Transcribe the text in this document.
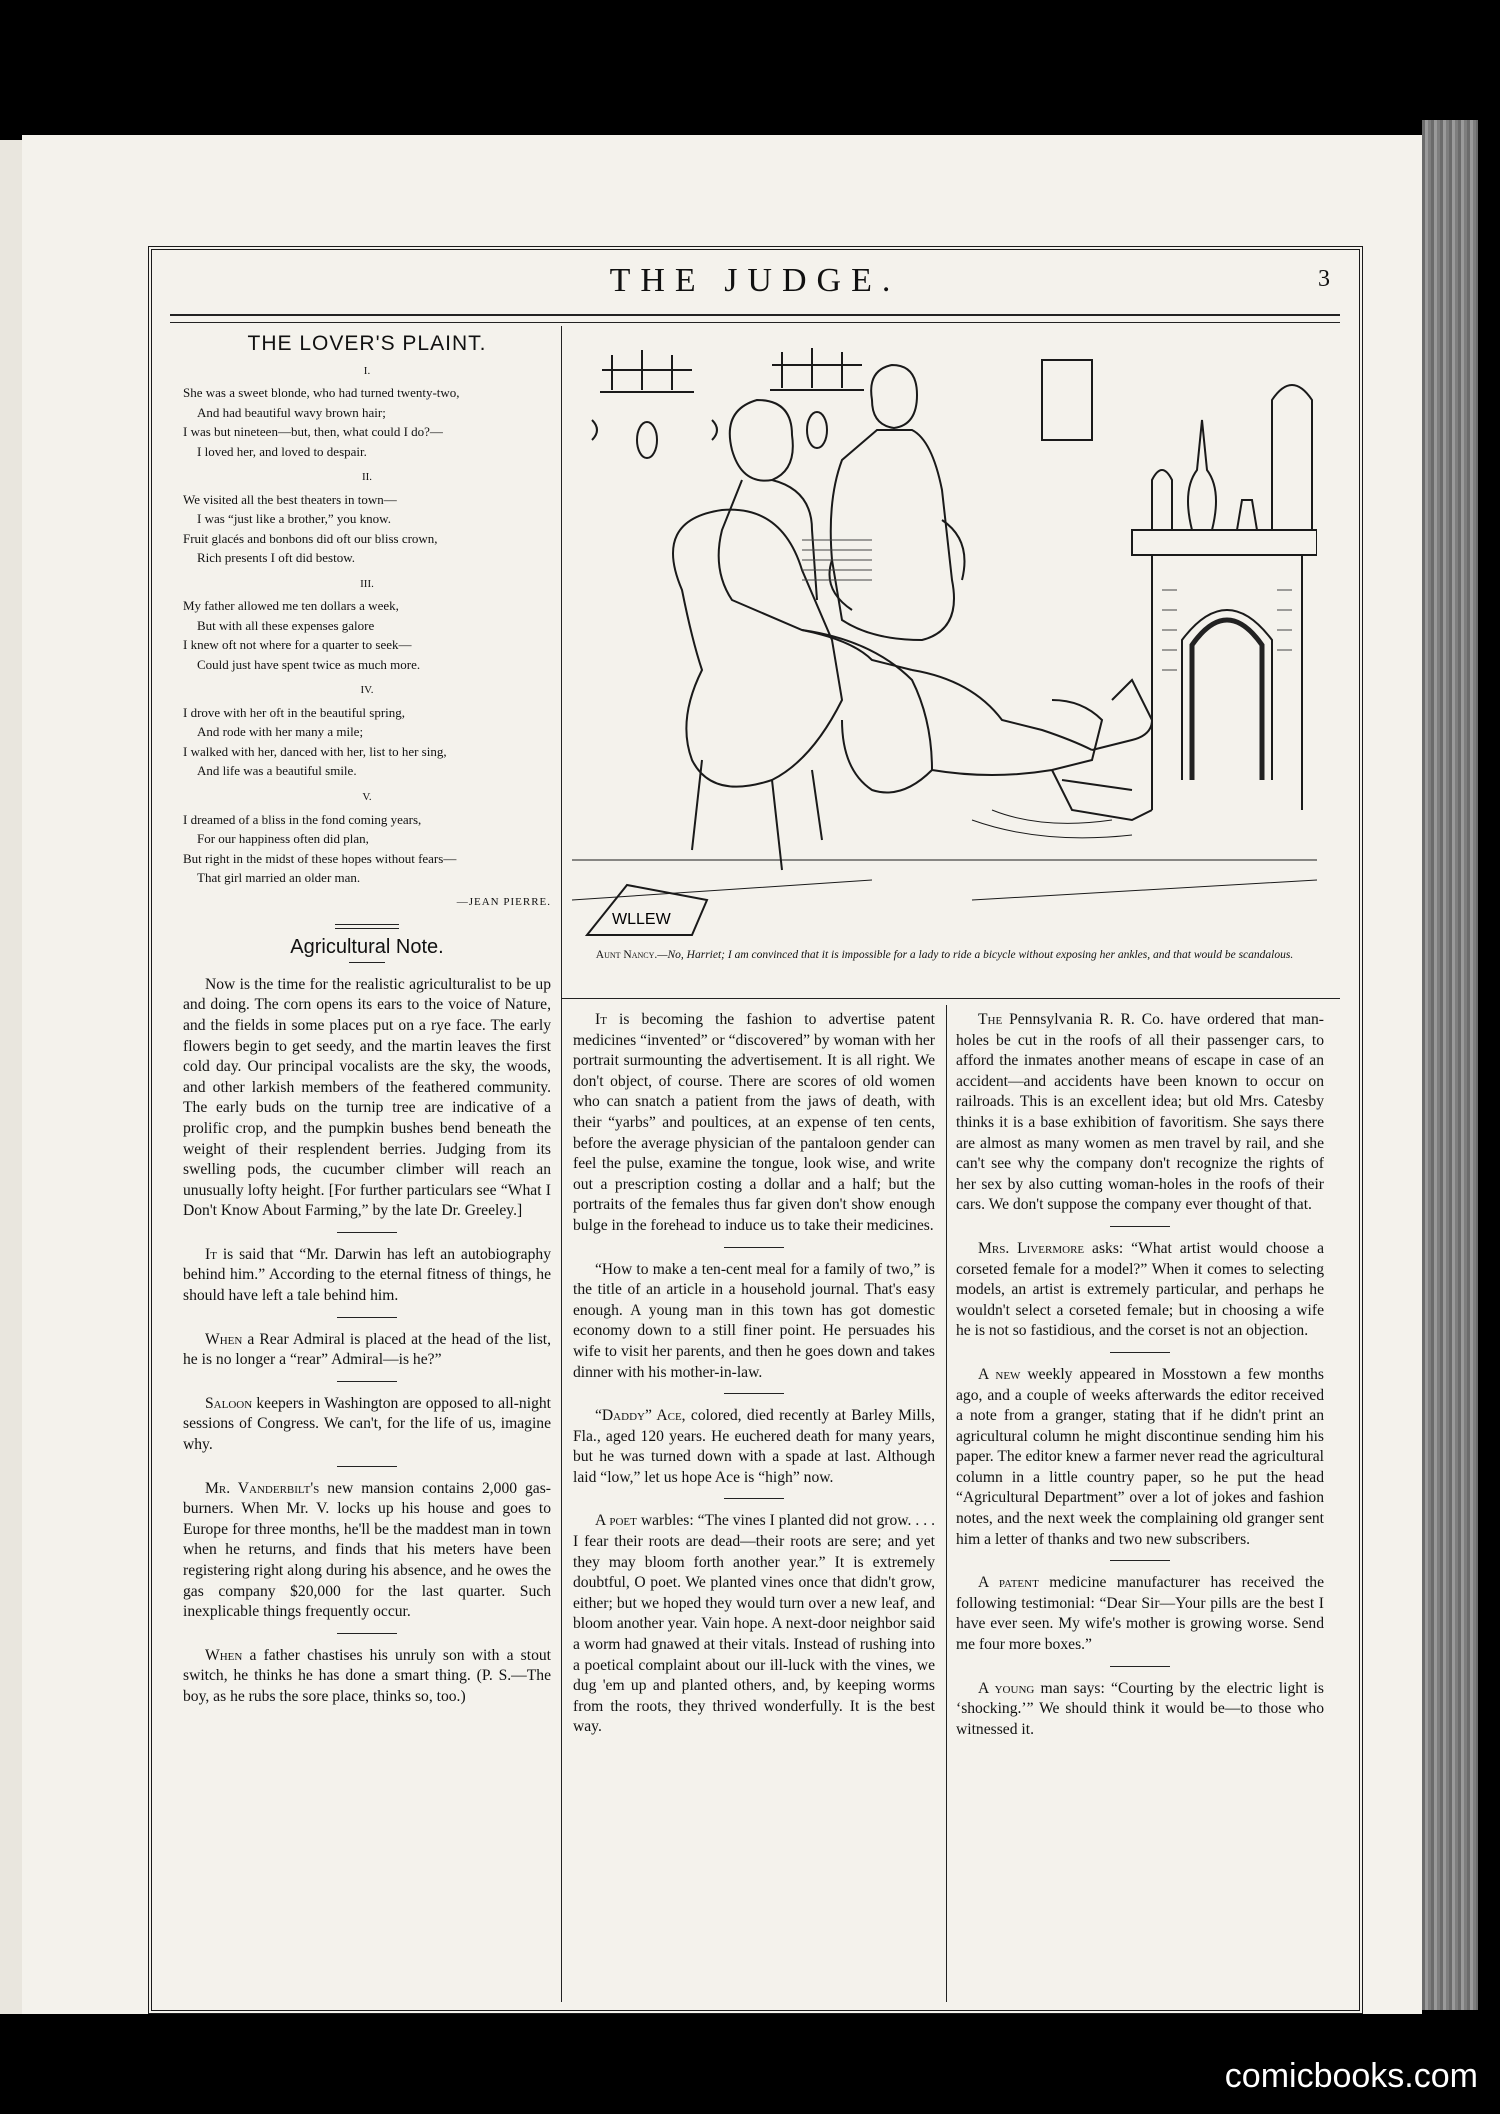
THE JUDGE.	3
THE LOVER'S PLAINT.
I.
She was a sweet blonde, who had turned twenty-two,
And had beautiful wavy brown hair;
I was but nineteen—but, then, what could I do?—
I loved her, and loved to despair.
II.
We visited all the best theaters in town—
I was “just like a brother,” you know.
Fruit glacés and bonbons did oft our bliss crown,
Rich presents I oft did bestow.
III.
My father allowed me ten dollars a week,
But with all these expenses galore
I knew oft not where for a quarter to seek—
Could just have spent twice as much more.
IV.
I drove with her oft in the beautiful spring,
And rode with her many a mile;
I walked with her, danced with her, list to her sing,
And life was a beautiful smile.
V.
I dreamed of a bliss in the fond coming years,
For our happiness often did plan,
But right in the midst of these hopes without fears—
That girl married an older man.
—JEAN PIERRE.
Agricultural Note.

Now is the time for the realistic agriculturalist to be up and doing. The corn opens its ears to the voice of Nature, and the fields in some places put on a rye face. The early flowers begin to get seedy, and the martin leaves the first cold day. Our principal vocalists are the sky, the woods, and other larkish members of the feathered community. The early buds on the turnip tree are indicative of a prolific crop, and the pumpkin bushes bend beneath the weight of their resplendent berries. Judging from its swelling pods, the cucumber climber will reach an unusually lofty height. [For further particulars see “What I Don't Know About Farming,” by the late Dr. Greeley.]

It is said that “Mr. Darwin has left an autobiography behind him.” According to the eternal fitness of things, he should have left a tale behind him.

When a Rear Admiral is placed at the head of the list, he is no longer a “rear” Admiral—is he?”

Saloon keepers in Washington are opposed to all-night sessions of Congress. We can't, for the life of us, imagine why.

Mr. Vanderbilt's new mansion contains 2,000 gas-burners. When Mr. V. locks up his house and goes to Europe for three months, he'll be the maddest man in town when he returns, and finds that his meters have been registering right along during his absence, and he owes the gas company $20,000 for the last quarter. Such inexplicable things frequently occur.

When a father chastises his unruly son with a stout switch, he thinks he has done a smart thing. (P. S.—The boy, as he rubs the sore place, thinks so, too.)

WLLEW
Aunt Nancy.—No, Harriet; I am convinced that it is impossible for a lady to ride a bicycle without exposing her ankles, and that would be scandalous.

It is becoming the fashion to advertise patent medicines “invented” or “discovered” by woman with her portrait surmounting the advertisement. It is all right. We don't object, of course. There are scores of old women who can snatch a patient from the jaws of death, with their “yarbs” and poultices, at an expense of ten cents, before the average physician of the pantaloon gender can feel the pulse, examine the tongue, look wise, and write out a prescription costing a dollar and a half; but the portraits of the females thus far given don't show enough bulge in the forehead to induce us to take their medicines.

“How to make a ten-cent meal for a family of two,” is the title of an article in a household journal. That's easy enough. A young man in this town has got domestic economy down to a still finer point. He persuades his wife to visit her parents, and then he goes down and takes dinner with his mother-in-law.

“Daddy” Ace, colored, died recently at Barley Mills, Fla., aged 120 years. He euchered death for many years, but he was turned down with a spade at last. Although laid “low,” let us hope Ace is “high” now.

A poet warbles: “The vines I planted did not grow. . . . I fear their roots are dead—their roots are sere; and yet they may bloom forth another year.” It is extremely doubtful, O poet. We planted vines once that didn't grow, either; but we hoped they would turn over a new leaf, and bloom another year. Vain hope. A next-door neighbor said a worm had gnawed at their vitals. Instead of rushing into a poetical complaint about our ill-luck with the vines, we dug 'em up and planted others, and, by keeping worms from the roots, they thrived wonderfully. It is the best way.

The Pennsylvania R. R. Co. have ordered that man-holes be cut in the roofs of all their passenger cars, to afford the inmates another means of escape in case of an accident—and accidents have been known to occur on railroads. This is an excellent idea; but old Mrs. Catesby thinks it is a base exhibition of favoritism. She says there are almost as many women as men travel by rail, and she can't see why the company don't recognize the rights of her sex by also cutting woman-holes in the roofs of their cars. We don't suppose the company ever thought of that.

Mrs. Livermore asks: “What artist would choose a corseted female for a model?” When it comes to selecting models, an artist is extremely particular, and perhaps he wouldn't select a corseted female; but in choosing a wife he is not so fastidious, and the corset is not an objection.

A new weekly appeared in Mosstown a few months ago, and a couple of weeks afterwards the editor received a note from a granger, stating that if he didn't print an agricultural column he might discontinue sending him his paper. The editor knew a farmer never read the agricultural column in a little country paper, so he put the head “Agricultural Department” over a lot of jokes and fashion notes, and the next week the complaining old granger sent him a letter of thanks and two new subscribers.

A patent medicine manufacturer has received the following testimonial: “Dear Sir—Your pills are the best I have ever seen. My wife's mother is growing worse. Send me four more boxes.”

A young man says: “Courting by the electric light is ‘shocking.’” We should think it would be—to those who witnessed it.

comicbooks.com
